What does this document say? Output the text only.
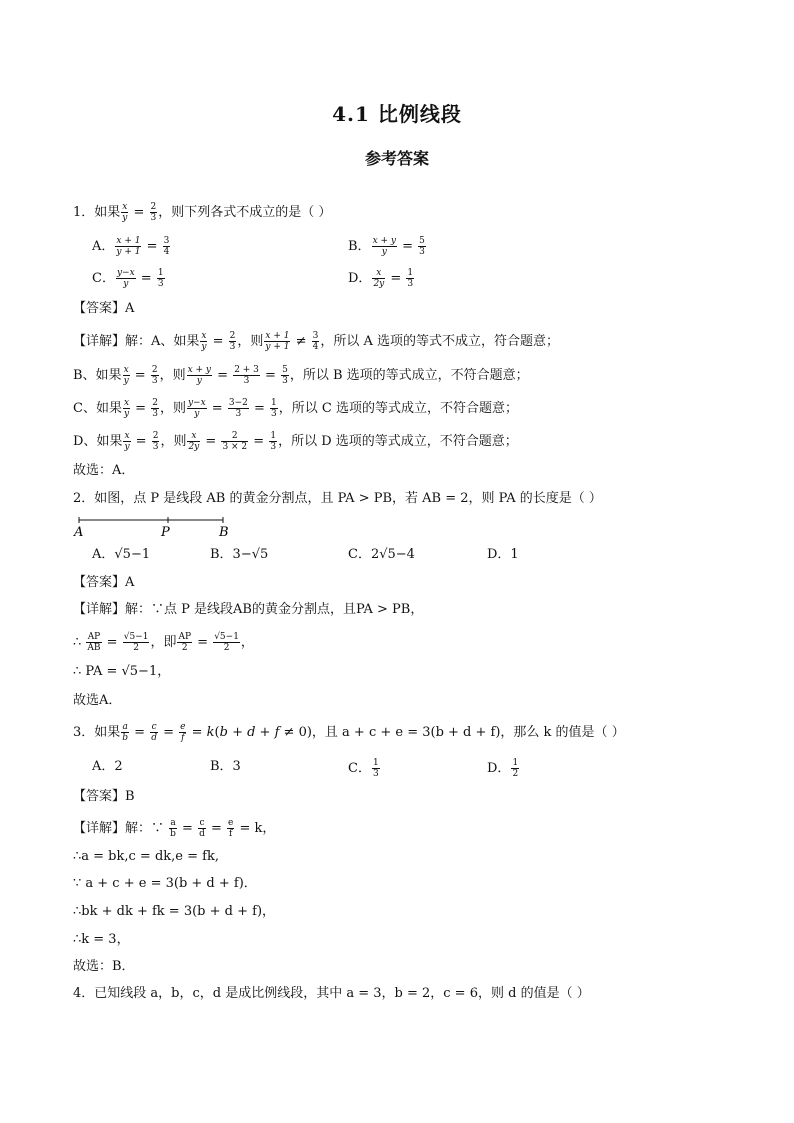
4.1 比例线段
参考答案
1．如果 $\frac{x}{y} = \frac{2}{3}$ ，则下列各式不成立的是（ ）
A． $\frac{x + 1}{y + 1} = \frac{3}{4}$	B． $\frac{x + y}{y} = \frac{5}{3}$
C． $\frac{y-x}{y} = \frac{1}{3}$	D． $\frac{x}{2y} = \frac{1}{3}$
【答案】A
【详解】解：A、如果 $\frac{x}{y} = \frac{2}{3}$ ，则 $\frac{x + 1}{y + 1} \ne \frac{3}{4}$ ，所以 A 选项的等式不成立，符合题意；
B、如果 $\frac{x}{y} = \frac{2}{3}$ ，则 $\frac{x + y}{y} = \frac{2 + 3}{3} = \frac{5}{3}$ ，所以 B 选项的等式成立，不符合题意；
C、如果 $\frac{x}{y} = \frac{2}{3}$ ，则 $\frac{y-x}{y} = \frac{3-2}{3} = \frac{1}{3}$ ，所以 C 选项的等式成立，不符合题意；
D、如果 $\frac{x}{y} = \frac{2}{3}$ ，则 $\frac{x}{2y} = \frac{2}{3 \times 2} = \frac{1}{3}$ ，所以 D 选项的等式成立，不符合题意；
故选：A．
2．如图，点 P 是线段 AB 的黄金分割点，且 PA > PB，若 AB = 2，则 PA 的长度是（ ）
A	P	B
A．√5−1	B．3−√5	C．2√5−4	D．1
【答案】A
【详解】解：∵点 P 是线段AB的黄金分割点，且PA > PB，
∴ $\frac{AP}{AB} = \frac{√5-1}{2}$ ，即 $\frac{AP}{2} = \frac{√5-1}{2}$ ，
∴ PA = √5−1，
故选A．
3．如果 $\frac{a}{b} = \frac{c}{d} = \frac{e}{f} = k(b + d + f \ne 0)$，且 a + c + e = 3(b + d + f)，那么 k 的值是（ ）
A．2	B．3	C． $\frac{1}{3}$	D． $\frac{1}{2}$
【答案】B
【详解】解：∵ $\frac{a}{b} = \frac{c}{d} = \frac{e}{f} = k$，
∴a = bk,c = dk,e = fk,
∵ a + c + e = 3(b + d + f)．
∴bk + dk + fk = 3(b + d + f)，
∴k = 3，
故选：B．
4．已知线段 a，b，c，d 是成比例线段，其中 a = 3，b = 2，c = 6，则 d 的值是（ ）
